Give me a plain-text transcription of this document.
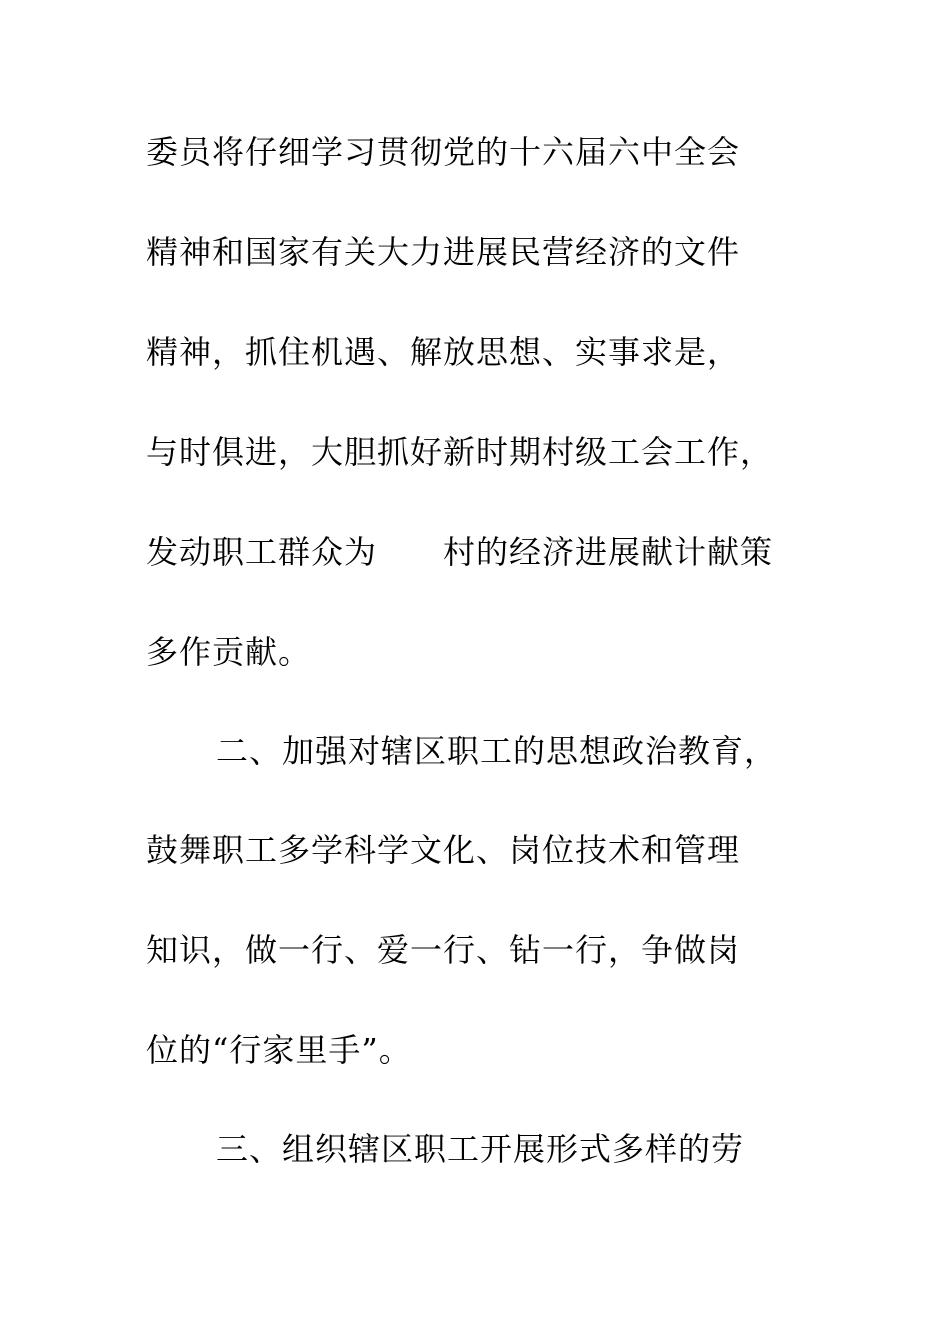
委员将仔细学习贯彻党的十六届六中全会
精神和国家有关大力进展民营经济的文件
精神，抓住机遇、解放思想、实事求是，
与时俱进，大胆抓好新时期村级工会工作，
发动职工群众为　　村的经济进展献计献策
多作贡献。
二、加强对辖区职工的思想政治教育，
鼓舞职工多学科学文化、岗位技术和管理
知识，做一行、爱一行、钻一行，争做岗
位的“行家里手”。
三、组织辖区职工开展形式多样的劳
